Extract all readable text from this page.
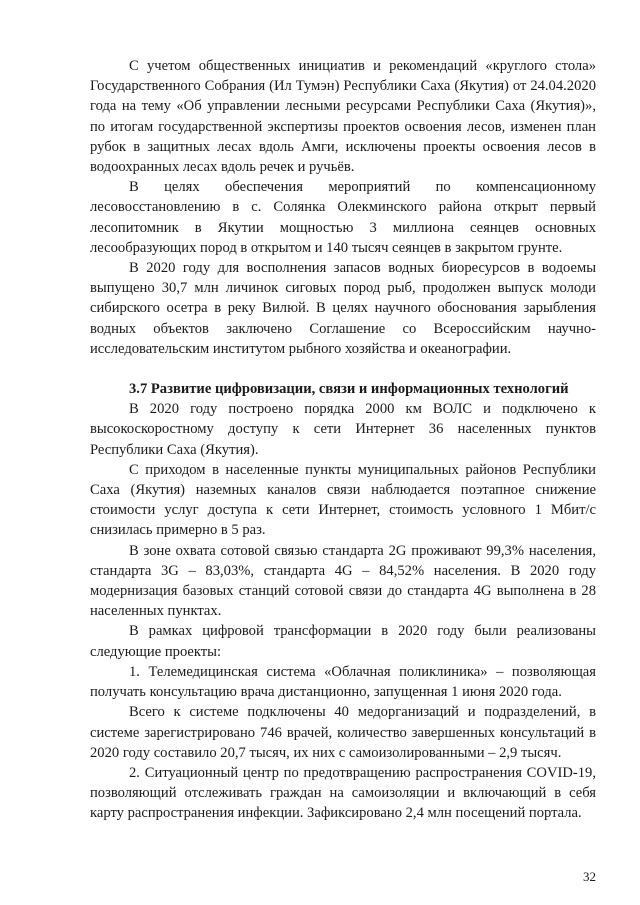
С учетом общественных инициатив и рекомендаций «круглого стола» Государственного Собрания (Ил Тумэн) Республики Саха (Якутия) от 24.04.2020 года на тему «Об управлении лесными ресурсами Республики Саха (Якутия)», по итогам государственной экспертизы проектов освоения лесов, изменен план рубок в защитных лесах вдоль Амги, исключены проекты освоения лесов в водоохранных лесах вдоль речек и ручьёв.

В целях обеспечения мероприятий по компенсационному лесовосстановлению в с. Солянка Олекминского района открыт первый лесопитомник в Якутии мощностью 3 миллиона сеянцев основных лесообразующих пород в открытом и 140 тысяч сеянцев в закрытом грунте.

В 2020 году для восполнения запасов водных биоресурсов в водоемы выпущено 30,7 млн личинок сиговых пород рыб, продолжен выпуск молоди сибирского осетра в реку Вилюй. В целях научного обоснования зарыбления водных объектов заключено Соглашение со Всероссийским научно-исследовательским институтом рыбного хозяйства и океанографии.

3.7 Развитие цифровизации, связи и информационных технологий

В 2020 году построено порядка 2000 км ВОЛС и подключено к высокоскоростному доступу к сети Интернет 36 населенных пунктов Республики Саха (Якутия).

С приходом в населенные пункты муниципальных районов Республики Саха (Якутия) наземных каналов связи наблюдается поэтапное снижение стоимости услуг доступа к сети Интернет, стоимость условного 1 Мбит/с снизилась примерно в 5 раз.

В зоне охвата сотовой связью стандарта 2G проживают 99,3% населения, стандарта 3G – 83,03%, стандарта 4G – 84,52% населения. В 2020 году модернизация базовых станций сотовой связи до стандарта 4G выполнена в 28 населенных пунктах.

В рамках цифровой трансформации в 2020 году были реализованы следующие проекты:

1. Телемедицинская система «Облачная поликлиника» – позволяющая получать консультацию врача дистанционно, запущенная 1 июня 2020 года.

Всего к системе подключены 40 медорганизаций и подразделений, в системе зарегистрировано 746 врачей, количество завершенных консультаций в 2020 году составило 20,7 тысяч, их них с самоизолированными – 2,9 тысяч.

2. Ситуационный центр по предотвращению распространения COVID-19, позволяющий отслеживать граждан на самоизоляции и включающий в себя карту распространения инфекции. Зафиксировано 2,4 млн посещений портала.

32
